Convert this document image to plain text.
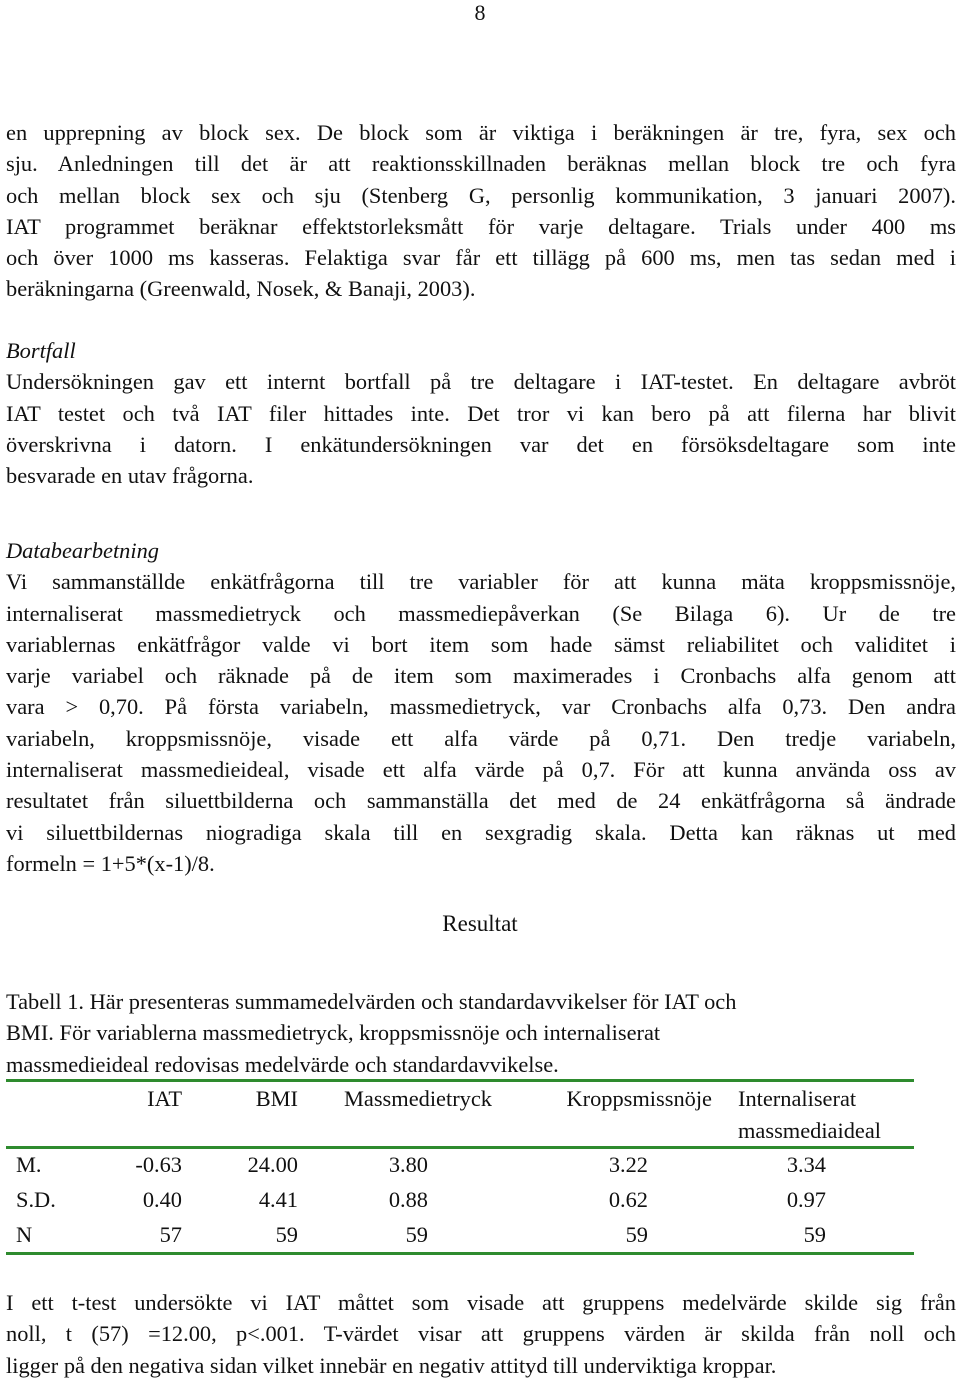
8

en upprepning av block sex. De block som är viktiga i beräkningen är tre, fyra, sex och

sju. Anledningen till det är att reaktionsskillnaden beräknas mellan block tre och fyra

och mellan block sex och sju (Stenberg G, personlig kommunikation, 3 januari 2007).

IAT programmet beräknar effektstorleksmått för varje deltagare. Trials under 400 ms

och över 1000 ms kasseras. Felaktiga svar får ett tillägg på 600 ms, men tas sedan med i

beräkningarna (Greenwald, Nosek, & Banaji, 2003).

Bortfall

Undersökningen gav ett internt bortfall på tre deltagare i IAT-testet. En deltagare avbröt

IAT testet och två IAT filer hittades inte. Det tror vi kan bero på att filerna har blivit

överskrivna i datorn. I enkätundersökningen var det en försöksdeltagare som inte

besvarade en utav frågorna.

Databearbetning

Vi sammanställde enkätfrågorna till tre variabler för att kunna mäta kroppsmissnöje,

internaliserat massmedietryck och massmediepåverkan (Se Bilaga 6). Ur de tre

variablernas enkätfrågor valde vi bort item som hade sämst reliabilitet och validitet i

varje variabel och räknade på de item som maximerades i Cronbachs alfa genom att

vara > 0,70. På första variabeln, massmedietryck, var Cronbachs alfa 0,73. Den andra

variabeln, kroppsmissnöje, visade ett alfa värde på 0,71. Den tredje variabeln,

internaliserat massmedieideal, visade ett alfa värde på 0,7. För att kunna använda oss av

resultatet från siluettbilderna och sammanställa det med de 24 enkätfrågorna så ändrade

vi siluettbildernas niogradiga skala till en sexgradig skala. Detta kan räknas ut med

formeln = 1+5*(x-1)/8.

Resultat

Tabell 1. Här presenteras summamedelvärden och standardavvikelser för IAT och

BMI. För variablerna massmedietryck, kroppsmissnöje och internaliserat

massmedieideal redovisas medelvärde och standardavvikelse.

	IAT	BMI	Massmedietryck	Kroppsmissnöje	Internaliserat
massmediaideal
M.	-0.63	24.00	3.80	3.22	3.34
S.D.	0.40	4.41	0.88	0.62	0.97
N	57	59	59	59	59

I ett t-test undersökte vi IAT måttet som visade att gruppens medelvärde skilde sig från

noll, t (57) =12.00, p<.001. T-värdet visar att gruppens värden är skilda från noll och

ligger på den negativa sidan vilket innebär en negativ attityd till underviktiga kroppar.
